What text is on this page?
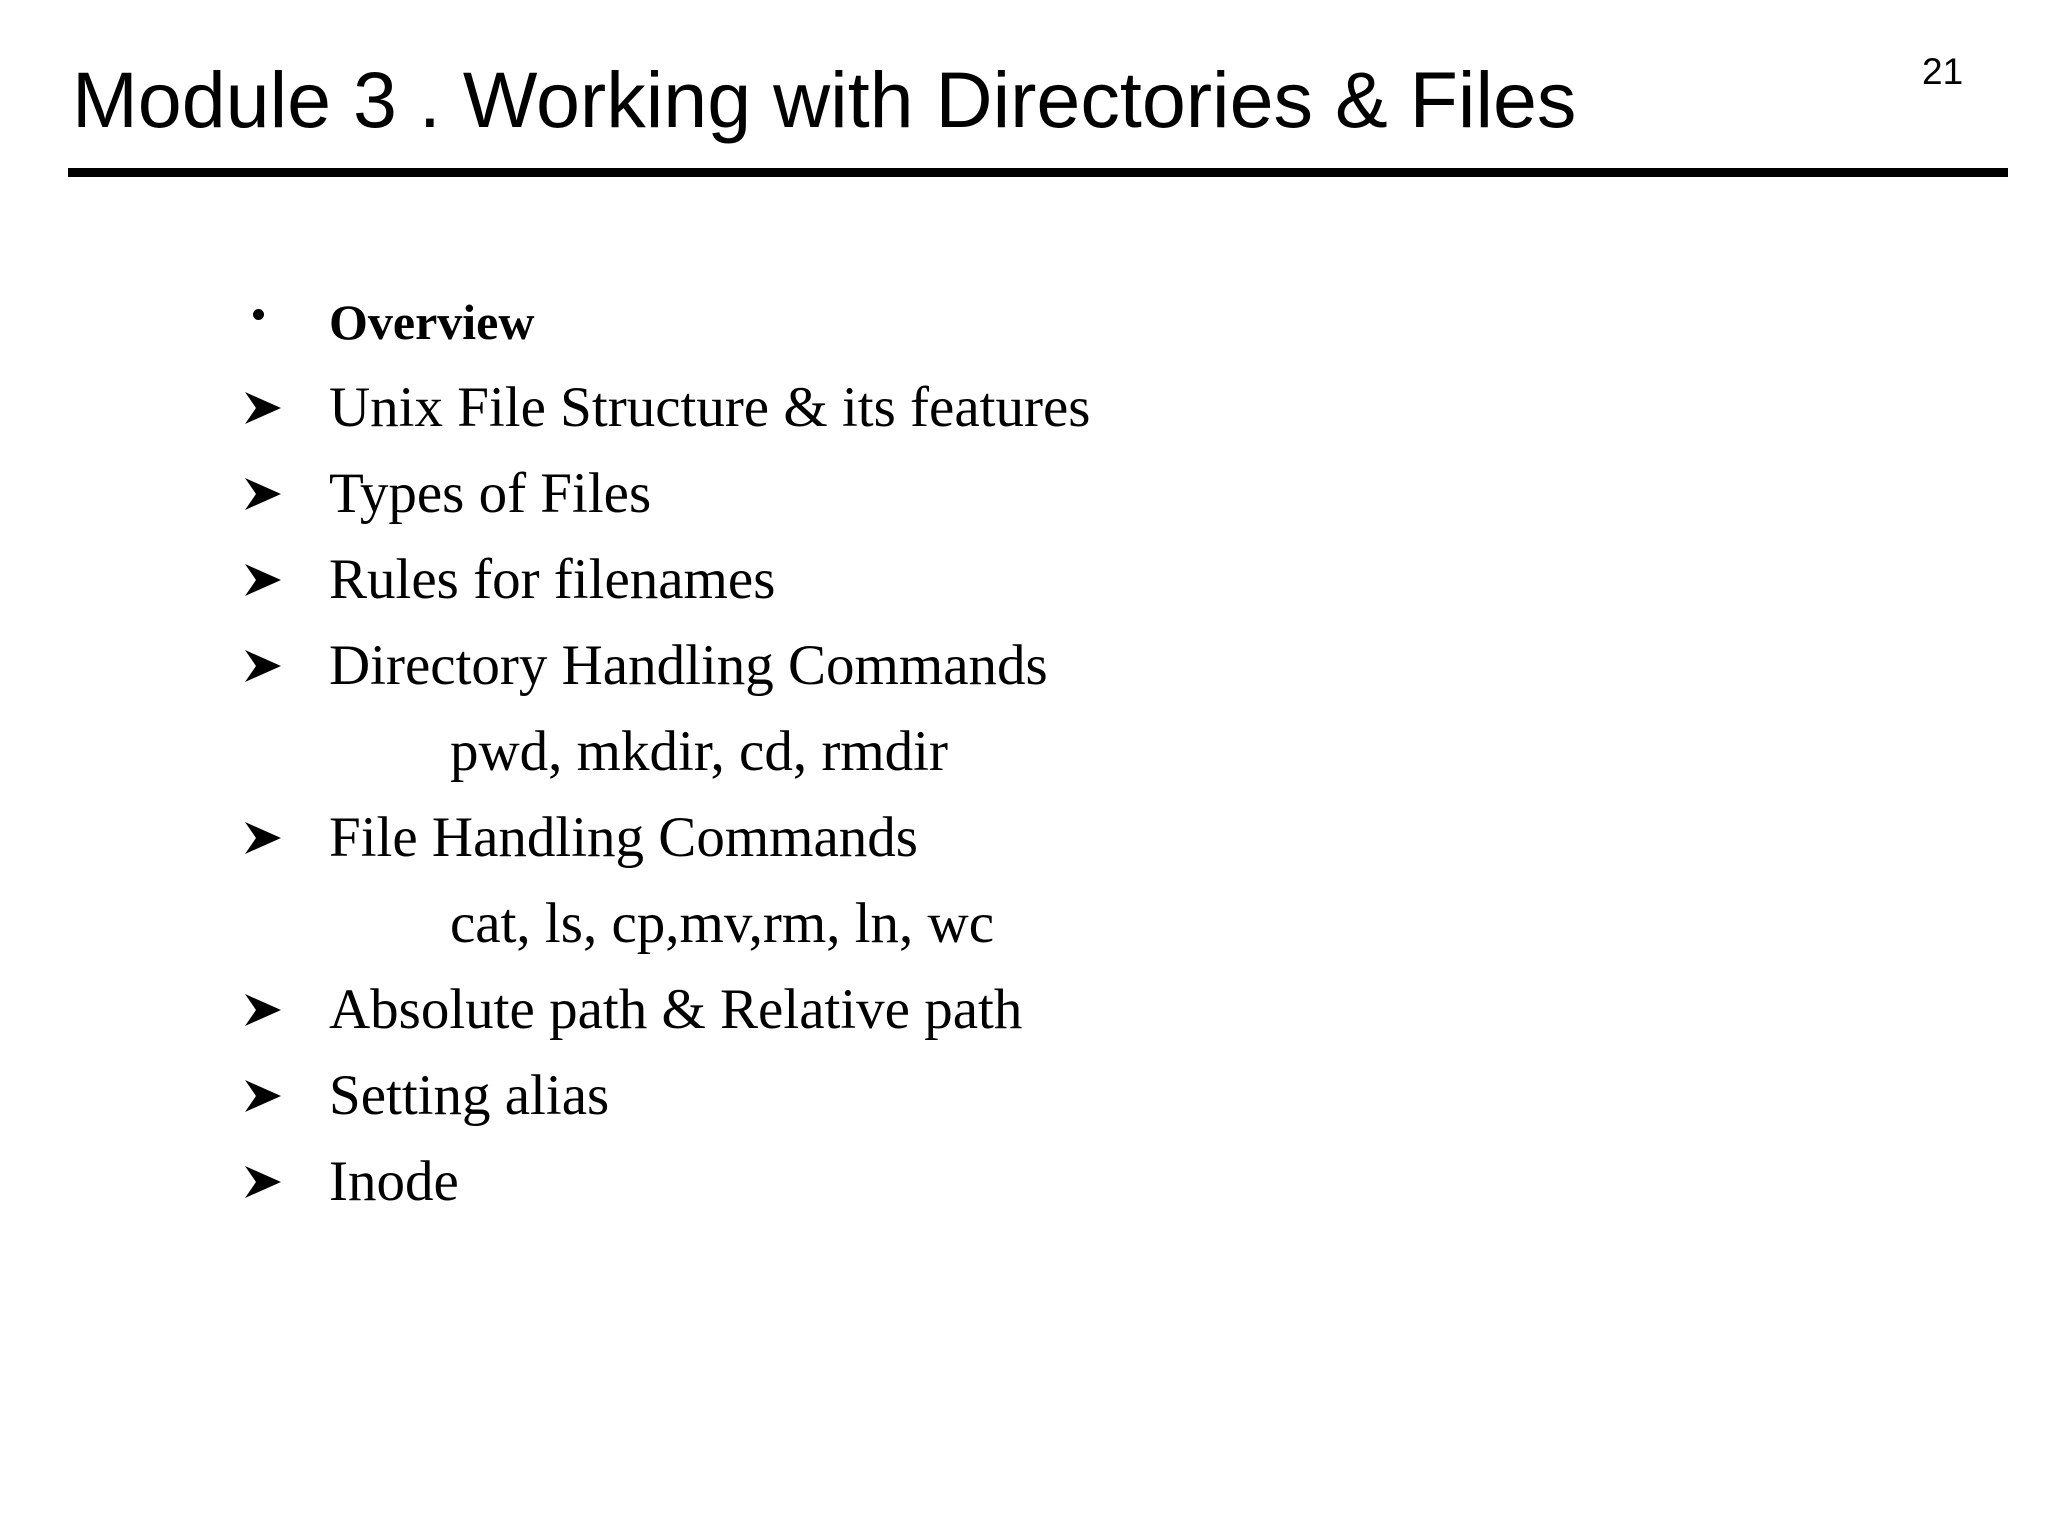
Module 3 . Working with Directories & Files	21
Overview
Unix File Structure & its features
Types of Files
Rules for filenames
Directory Handling Commands
pwd, mkdir, cd, rmdir
File Handling Commands
cat, ls, cp,mv,rm, ln, wc
Absolute path & Relative path
Setting alias
Inode
